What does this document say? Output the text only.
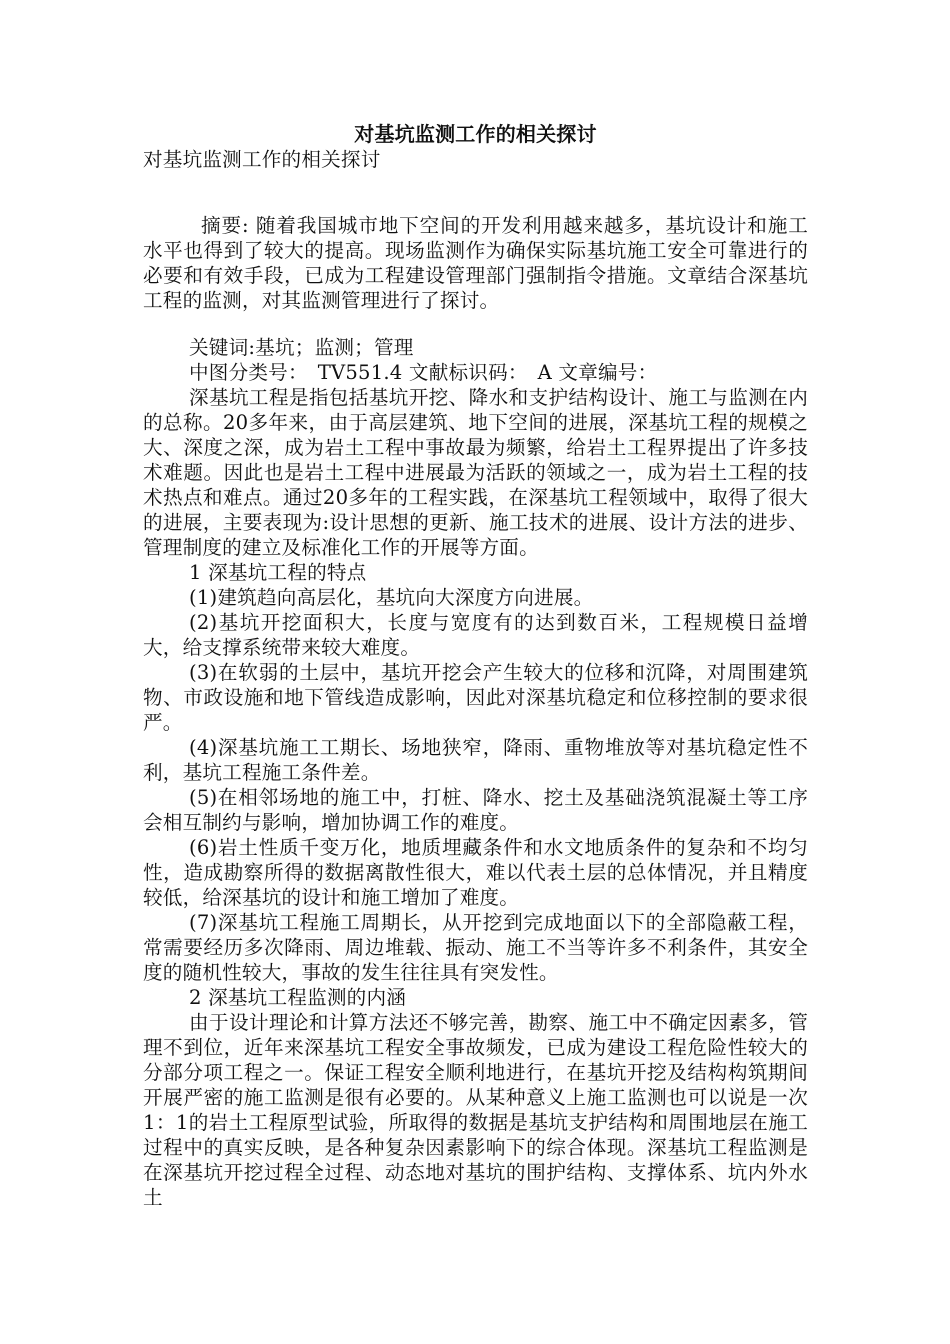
对基坑监测工作的相关探讨
对基坑监测工作的相关探讨

摘要: 随着我国城市地下空间的开发利用越来越多，基坑设计和施工水平也得到了较大的提高。现场监测作为确保实际基坑施工安全可靠进行的必要和有效手段，已成为工程建设管理部门强制指令措施。文章结合深基坑工程的监测，对其监测管理进行了探讨。

关键词:基坑；监测；管理

中图分类号：　TV551.4 文献标识码：　A 文章编号：

深基坑工程是指包括基坑开挖、降水和支护结构设计、施工与监测在内的总称。20多年来，由于高层建筑、地下空间的进展，深基坑工程的规模之大、深度之深，成为岩土工程中事故最为频繁，给岩土工程界提出了许多技术难题。因此也是岩土工程中进展最为活跃的领域之一，成为岩土工程的技术热点和难点。通过20多年的工程实践，在深基坑工程领域中，取得了很大的进展，主要表现为:设计思想的更新、施工技术的进展、设计方法的进步、管理制度的建立及标准化工作的开展等方面。

1 深基坑工程的特点

(1)建筑趋向高层化，基坑向大深度方向进展。

(2)基坑开挖面积大，长度与宽度有的达到数百米，工程规模日益增大，给支撑系统带来较大难度。

(3)在软弱的土层中，基坑开挖会产生较大的位移和沉降，对周围建筑物、市政设施和地下管线造成影响，因此对深基坑稳定和位移控制的要求很严。

(4)深基坑施工工期长、场地狭窄，降雨、重物堆放等对基坑稳定性不利，基坑工程施工条件差。

(5)在相邻场地的施工中，打桩、降水、挖土及基础浇筑混凝土等工序会相互制约与影响，增加协调工作的难度。

(6)岩土性质千变万化，地质埋藏条件和水文地质条件的复杂和不均匀性，造成勘察所得的数据离散性很大，难以代表土层的总体情况，并且精度较低，给深基坑的设计和施工增加了难度。

(7)深基坑工程施工周期长，从开挖到完成地面以下的全部隐蔽工程，常需要经历多次降雨、周边堆载、振动、施工不当等许多不利条件，其安全度的随机性较大，事故的发生往往具有突发性。

2 深基坑工程监测的内涵

由于设计理论和计算方法还不够完善，勘察、施工中不确定因素多，管理不到位，近年来深基坑工程安全事故频发，已成为建设工程危险性较大的分部分项工程之一。保证工程安全顺利地进行，在基坑开挖及结构构筑期间开展严密的施工监测是很有必要的。从某种意义上施工监测也可以说是一次1：1的岩土工程原型试验，所取得的数据是基坑支护结构和周围地层在施工过程中的真实反映，是各种复杂因素影响下的综合体现。深基坑工程监测是在深基坑开挖过程全过程、动态地对基坑的围护结构、支撑体系、坑内外水土
